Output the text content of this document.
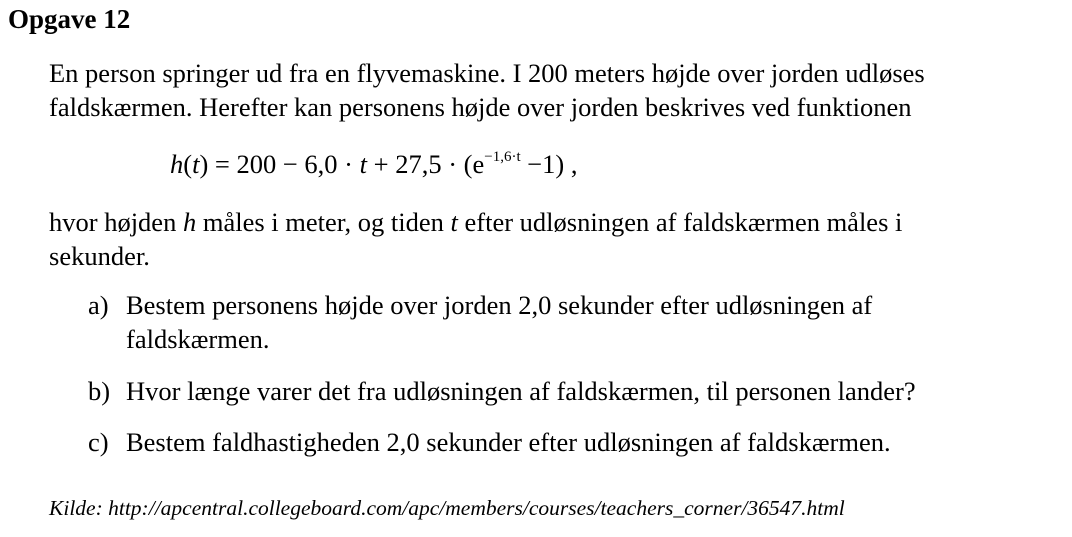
Opgave 12
En person springer ud fra en flyvemaskine. I 200 meters højde over jorden udløses
faldskærmen. Herefter kan personens højde over jorden beskrives ved funktionen
$h(t) = 200 - 6,0 \cdot t + 27,5 \cdot (e^{-1,6\cdot t} -1)$ ,
hvor højden h måles i meter, og tiden t efter udløsningen af faldskærmen måles i
sekunder.
a) Bestem personens højde over jorden 2,0 sekunder efter udløsningen af
faldskærmen.
b) Hvor længe varer det fra udløsningen af faldskærmen, til personen lander?
c) Bestem faldhastigheden 2,0 sekunder efter udløsningen af faldskærmen.
Kilde: http://apcentral.collegeboard.com/apc/members/courses/teachers_corner/36547.html
